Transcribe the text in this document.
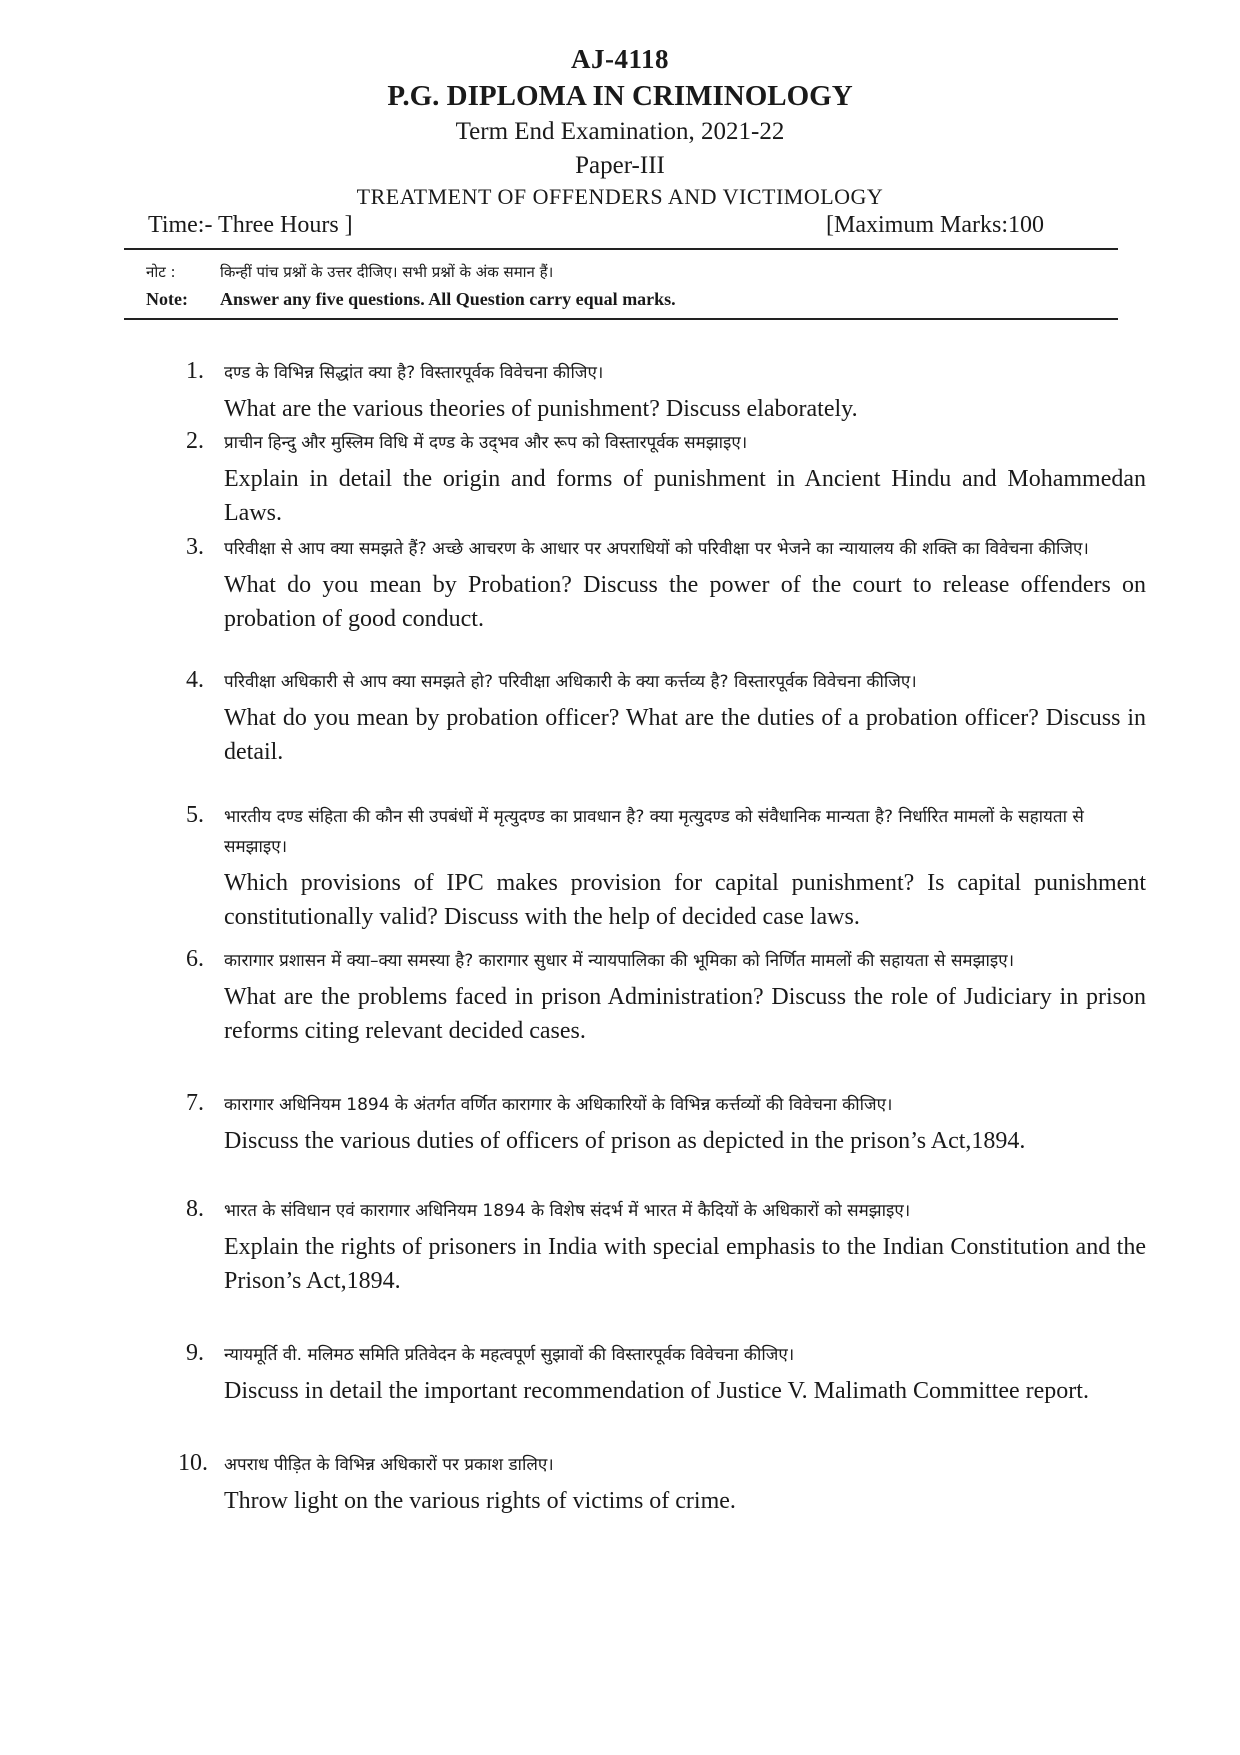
AJ-4118
P.G. DIPLOMA IN CRIMINOLOGY
Term End Examination, 2021-22
Paper-III
TREATMENT OF OFFENDERS AND VICTIMOLOGY
Time:- Three Hours ]	[Maximum Marks:100
नोट :	किन्हीं पांच प्रश्नों के उत्तर दीजिए। सभी प्रश्नों के अंक समान हैं।
Note: Answer any five questions. All Question carry equal marks.
1. दण्ड के विभिन्न सिद्धांत क्या है? विस्तारपूर्वक विवेचना कीजिए।
What are the various theories of punishment? Discuss elaborately.
2. प्राचीन हिन्दु और मुस्लिम विधि में दण्ड के उद्‍भव और रूप को विस्तारपूर्वक समझाइए।
Explain in detail the origin and forms of punishment in Ancient Hindu and Mohammedan Laws.
3. परिवीक्षा से आप क्या समझते हैं? अच्छे आचरण के आधार पर अपराधियों को परिवीक्षा पर भेजने का न्यायालय की शक्ति का विवेचना कीजिए।
What do you mean by Probation? Discuss the power of the court to release offenders on probation of good conduct.
4. परिवीक्षा अधिकारी से आप क्या समझते हो? परिवीक्षा अधिकारी के क्या कर्त्तव्य है? विस्तारपूर्वक विवेचना कीजिए।
What do you mean by probation officer? What are the duties of a probation officer? Discuss in detail.
5. भारतीय दण्ड संहिता की कौन सी उपबंधों में मृत्युदण्ड का प्रावधान है? क्या मृत्युदण्ड को संवैधानिक मान्यता है? निर्धारित मामलों के सहायता से समझाइए।
Which provisions of IPC makes provision for capital punishment? Is capital punishment constitutionally valid? Discuss with the help of decided case laws.
6. कारागार प्रशासन में क्या–क्या समस्या है? कारागार सुधार में न्यायपालिका की भूमिका को निर्णित मामलों की सहायता से समझाइए।
What are the problems faced in prison Administration? Discuss the role of Judiciary in prison reforms citing relevant decided cases.
7. कारागार अधिनियम 1894 के अंतर्गत वर्णित कारागार के अधिकारियों के विभिन्न कर्त्तव्यों की विवेचना कीजिए।
Discuss the various duties of officers of prison as depicted in the prison’s Act,1894.
8. भारत के संविधान एवं कारागार अधिनियम 1894 के विशेष संदर्भ में भारत में कैदियों के अधिकारों को समझाइए।
Explain the rights of prisoners in India with special emphasis to the Indian Constitution and the Prison’s Act,1894.
9. न्यायमूर्ति वी. मलिमठ समिति प्रतिवेदन के महत्वपूर्ण सुझावों की विस्तारपूर्वक विवेचना कीजिए।
Discuss in detail the important recommendation of Justice V. Malimath Committee report.
10. अपराध पीड़ित के विभिन्न अधिकारों पर प्रकाश डालिए।
Throw light on the various rights of victims of crime.
